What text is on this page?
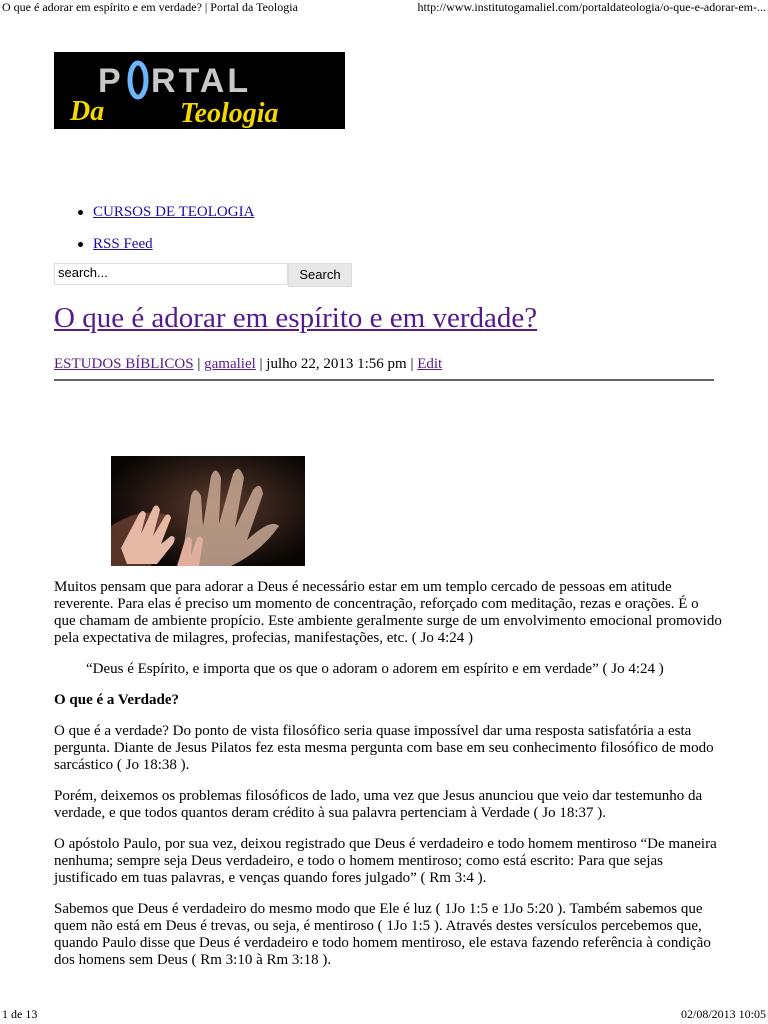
O que é adorar em espírito e em verdade? | Portal da Teologia	http://www.institutogamaliel.com/portaldateologia/o-que-e-adorar-em-...
P RTAL
Da	Teologia
CURSOS DE TEOLOGIA
RSS Feed
search...	Search
O que é adorar em espírito e em verdade?
ESTUDOS BÍBLICOS | gamaliel | julho 22, 2013 1:56 pm | Edit

Muitos pensam que para adorar a Deus é necessário estar em um templo cercado de pessoas em atitude reverente. Para elas é preciso um momento de concentração, reforçado com meditação, rezas e orações. É o que chamam de ambiente propício. Este ambiente geralmente surge de um envolvimento emocional promovido pela expectativa de milagres, profecias, manifestações, etc. ( Jo 4:24 )

“Deus é Espírito, e importa que os que o adoram o adorem em espírito e em verdade” ( Jo 4:24 )

O que é a Verdade?

O que é a verdade? Do ponto de vista filosófico seria quase impossível dar uma resposta satisfatória a esta pergunta. Diante de Jesus Pilatos fez esta mesma pergunta com base em seu conhecimento filosófico de modo sarcástico ( Jo 18:38 ).

Porém, deixemos os problemas filosóficos de lado, uma vez que Jesus anunciou que veio dar testemunho da verdade, e que todos quantos deram crédito à sua palavra pertenciam à Verdade ( Jo 18:37 ).

O apóstolo Paulo, por sua vez, deixou registrado que Deus é verdadeiro e todo homem mentiroso “De maneira nenhuma; sempre seja Deus verdadeiro, e todo o homem mentiroso; como está escrito: Para que sejas justificado em tuas palavras, e venças quando fores julgado” ( Rm 3:4 ).

Sabemos que Deus é verdadeiro do mesmo modo que Ele é luz ( 1Jo 1:5 e 1Jo 5:20 ). Também sabemos que quem não está em Deus é trevas, ou seja, é mentiroso ( 1Jo 1:5 ). Através destes versículos percebemos que, quando Paulo disse que Deus é verdadeiro e todo homem mentiroso, ele estava fazendo referência à condição dos homens sem Deus ( Rm 3:10 à Rm 3:18 ).

1 de 13	02/08/2013 10:05
